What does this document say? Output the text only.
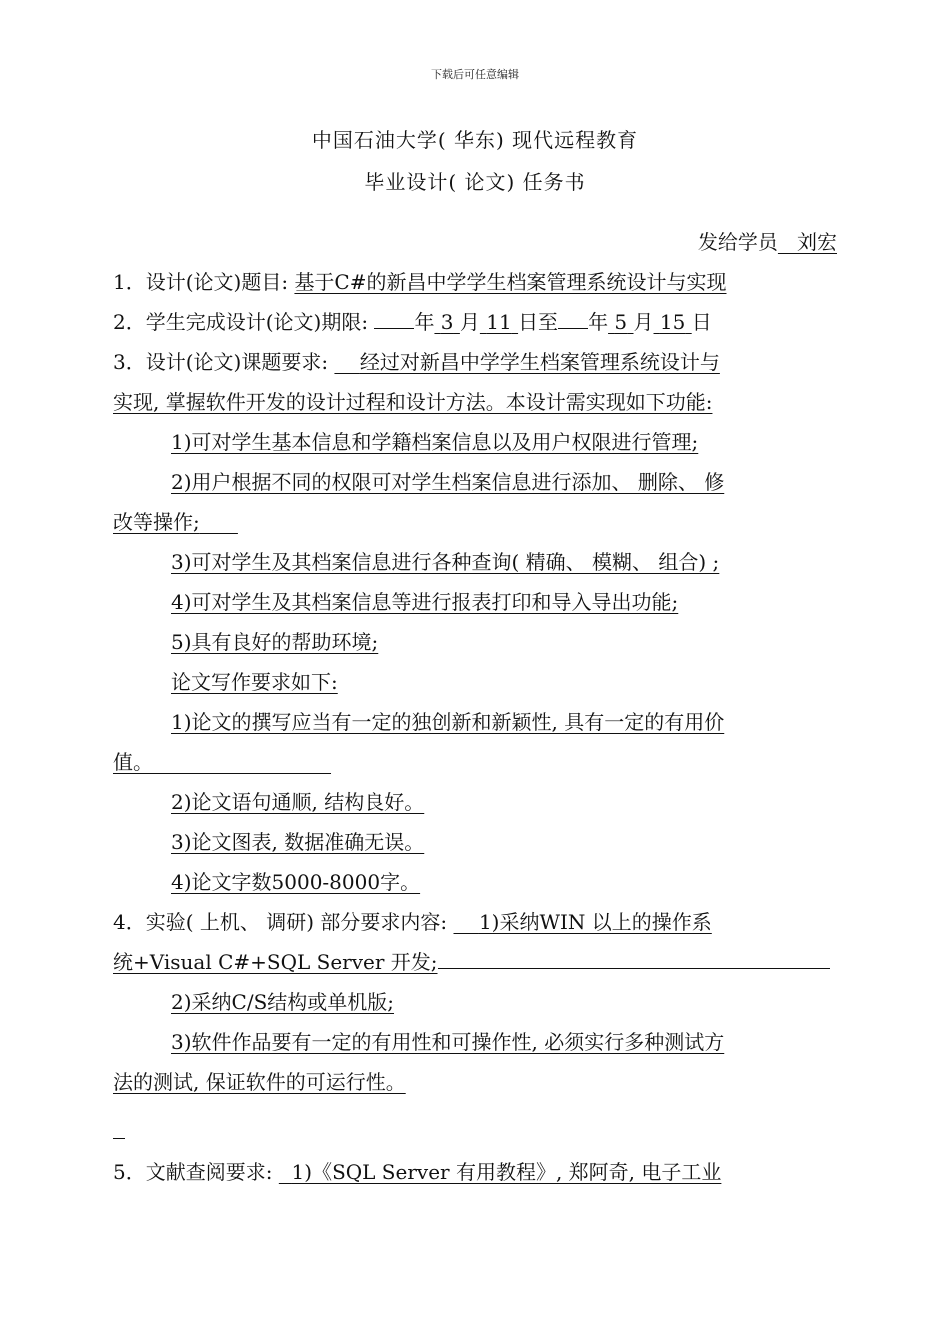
下载后可任意编辑
中国石油大学( 华东) 现代远程教育
毕业设计( 论文) 任务书
发给学员 刘宏
1．设计(论文)题目: 基于C#的新昌中学学生档案管理系统设计与实现
2．学生完成设计(论文)期限: 年 3 月 11 日至 年 5 月 15 日
3．设计(论文)课题要求: 经过对新昌中学学生档案管理系统设计与
实现, 掌握软件开发的设计过程和设计方法。本设计需实现如下功能:
1)可对学生基本信息和学籍档案信息以及用户权限进行管理;
2)用户根据不同的权限可对学生档案信息进行添加、 删除、 修
改等操作;
3)可对学生及其档案信息进行各种查询( 精确、 模糊、 组合) ;
4)可对学生及其档案信息等进行报表打印和导入导出功能;
5)具有良好的帮助环境;
论文写作要求如下:
1)论文的撰写应当有一定的独创新和新颖性, 具有一定的有用价
值。
2)论文语句通顺, 结构良好。
3)论文图表, 数据准确无误。
4)论文字数5000-8000字。
4．实验( 上机、 调研) 部分要求内容: 1)采纳WIN 以上的操作系
统+Visual C#+SQL Server 开发;
2)采纳C/S结构或单机版;
3)软件作品要有一定的有用性和可操作性, 必须实行多种测试方
法的测试, 保证软件的可运行性。
5．文献查阅要求: 1)《SQL Server 有用教程》, 郑阿奇, 电子工业
